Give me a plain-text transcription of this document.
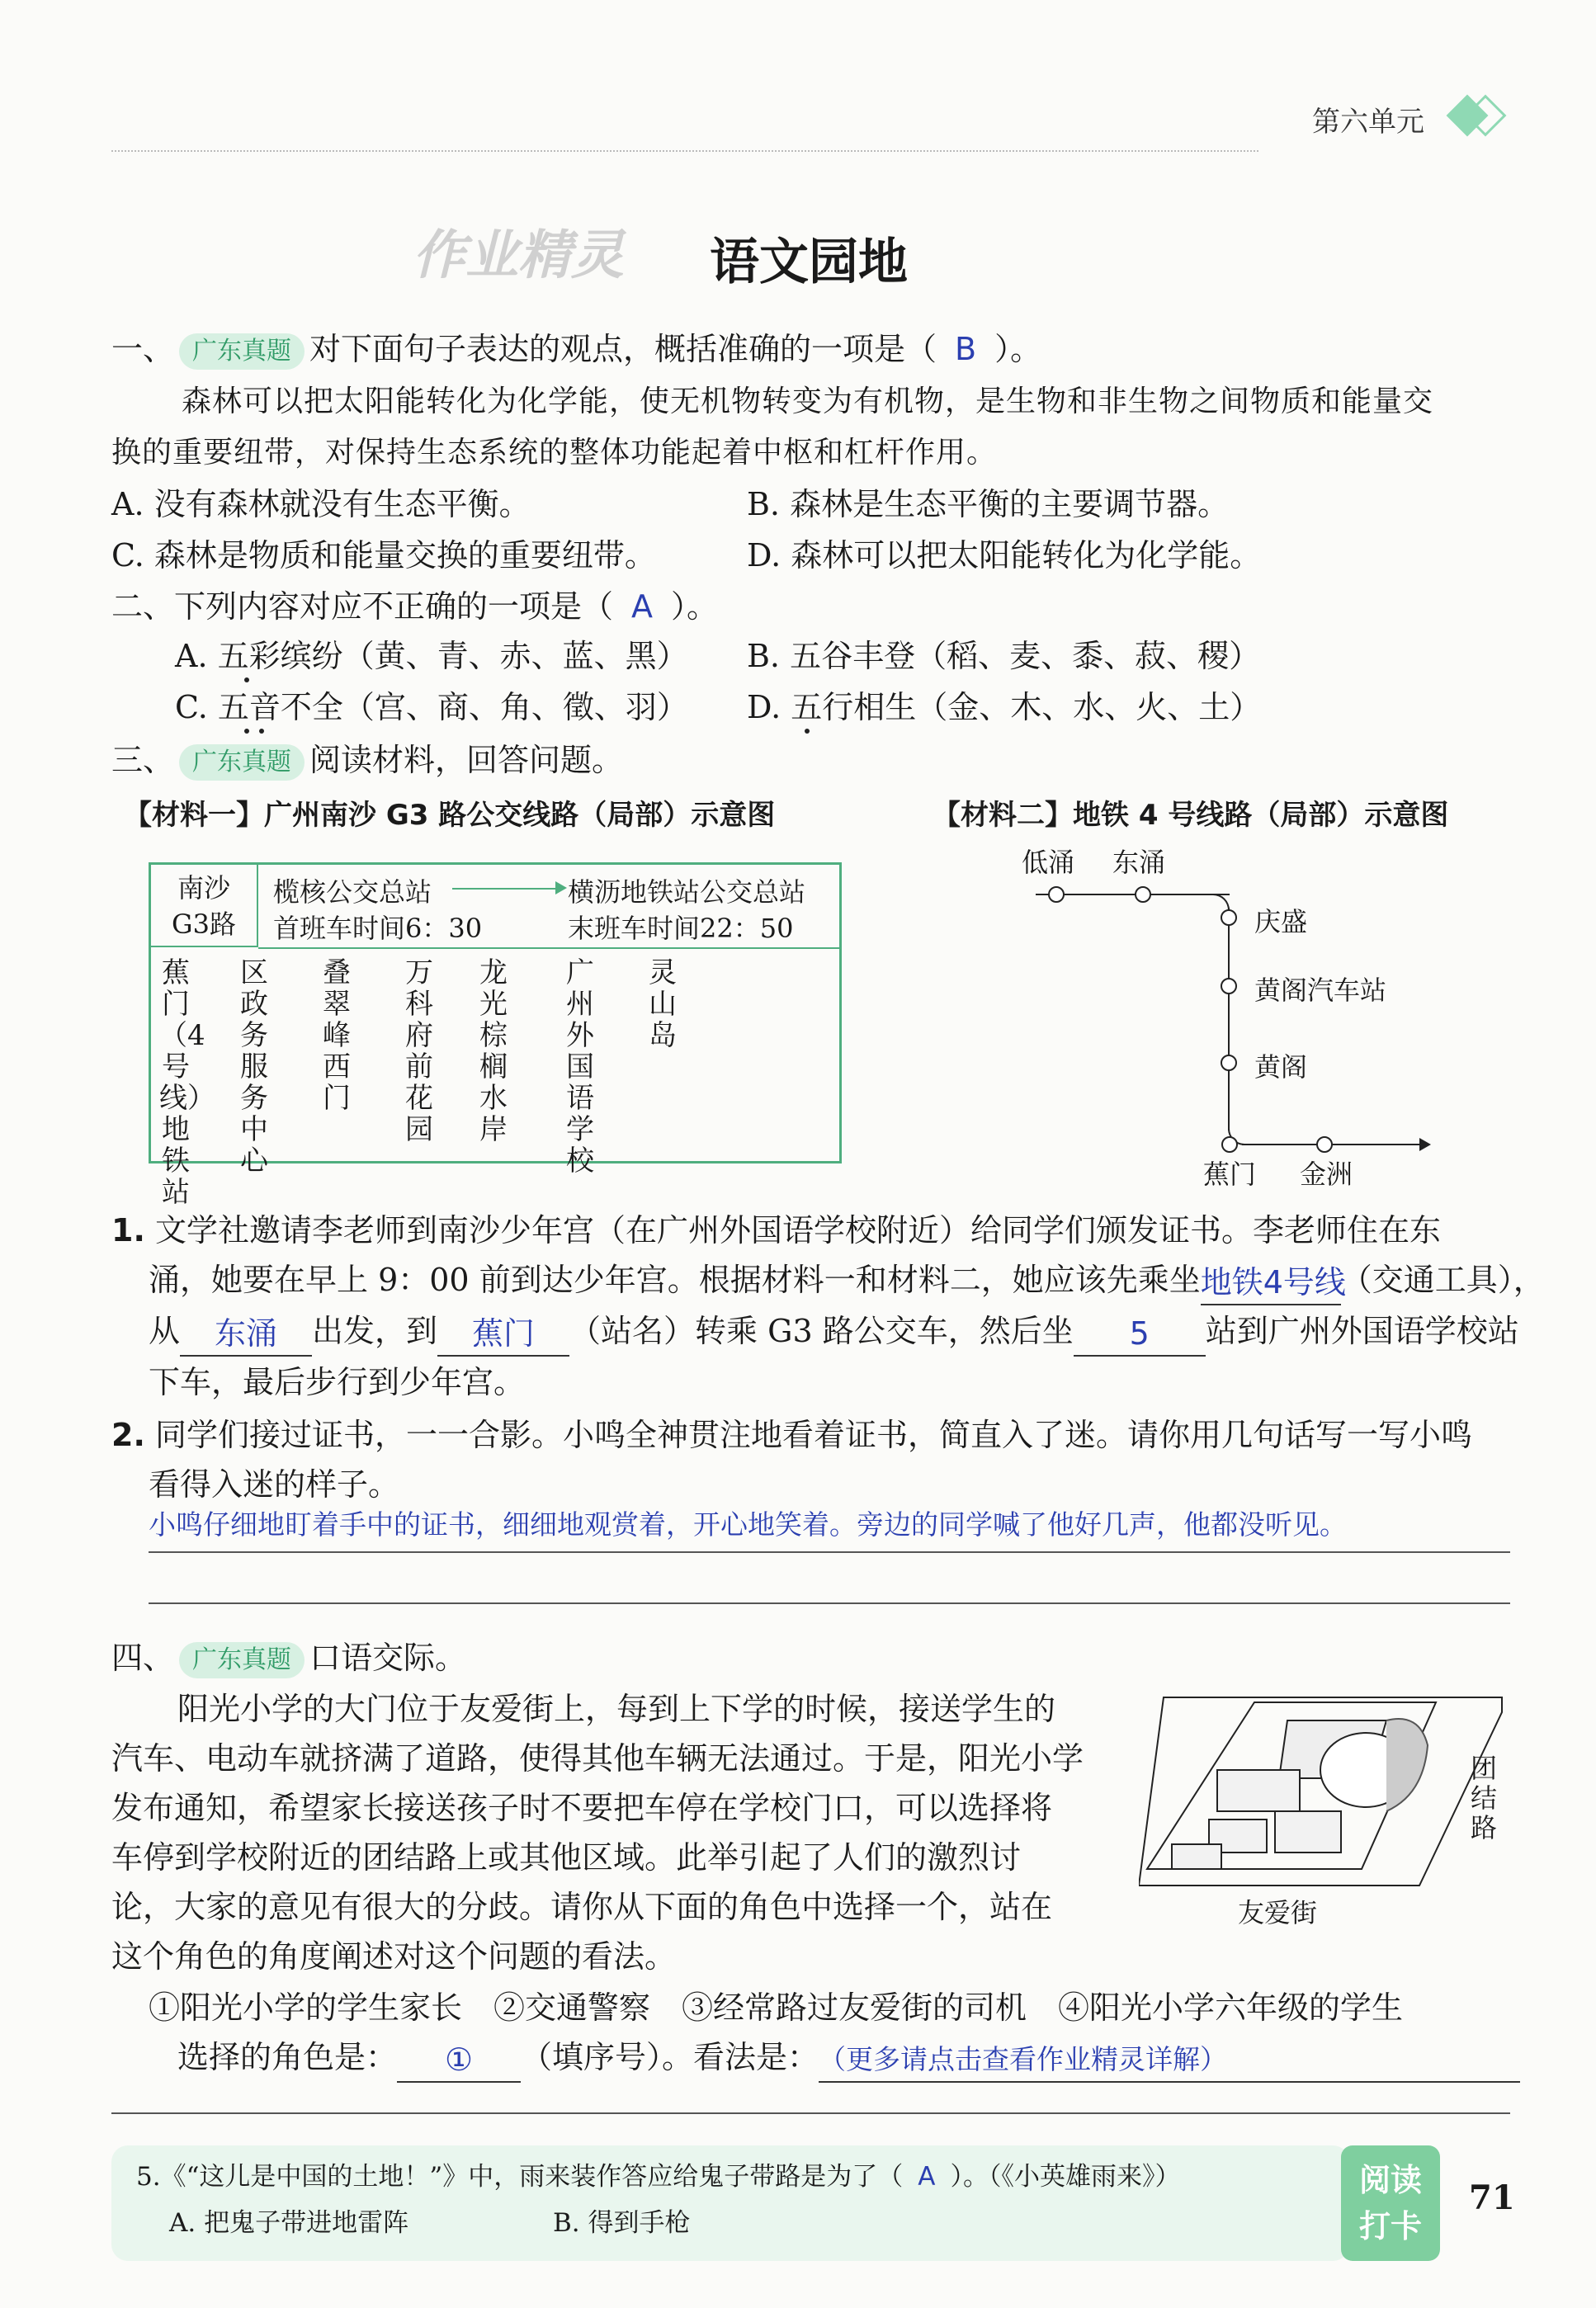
第六单元
作业精灵 语文园地
一、 广东真题 对下面句子表达的观点，概括准确的一项是（ B ）。
森林可以把太阳能转化为化学能，使无机物转变为有机物，是生物和非生物之间物质和能量交
换的重要纽带，对保持生态系统的整体功能起着中枢和杠杆作用。
A. 没有森林就没有生态平衡。	B. 森林是生态平衡的主要调节器。
C. 森林是物质和能量交换的重要纽带。	D. 森林可以把太阳能转化为化学能。
二、下列内容对应不正确的一项是（ A ）。
A. 五彩缤纷（黄、青、赤、蓝、黑） B. 五谷丰登（稻、麦、黍、菽、稷）
C. 五音不全（宫、商、角、徵、羽） D. 五行相生（金、木、水、火、土）
三、 广东真题 阅读材料，回答问题。
【材料一】广州南沙 G3 路公交线路（局部）示意图	【材料二】地铁 4 号线路（局部）示意图
南沙
G3路
榄核公交总站
首班车时间6：30
横沥地铁站公交总站
末班车时间22：50
蕉门（4号线）地铁站
区政务服务中心
叠翠峰西门
万科府前花园
龙光棕榈水岸
广州外国语学校
灵山岛
低涌 东涌
庆盛
黄阁汽车站
黄阁
蕉门 金洲
1. 文学社邀请李老师到南沙少年宫（在广州外国语学校附近）给同学们颁发证书。李老师住在东
涌，她要在早上 9：00 前到达少年宫。根据材料一和材料二，她应该先乘坐地铁4号线（交通工具），
从 东涌 出发，到 蕉门 （站名）转乘 G3 路公交车，然后坐 5 站到广州外国语学校站
下车，最后步行到少年宫。
2. 同学们接过证书，一一合影。小鸣全神贯注地看着证书，简直入了迷。请你用几句话写一写小鸣
看得入迷的样子。
小鸣仔细地盯着手中的证书，细细地观赏着，开心地笑着。旁边的同学喊了他好几声，他都没听见。
四、 广东真题 口语交际。
阳光小学的大门位于友爱街上，每到上下学的时候，接送学生的
汽车、电动车就挤满了道路，使得其他车辆无法通过。于是，阳光小学
发布通知，希望家长接送孩子时不要把车停在学校门口，可以选择将
车停到学校附近的团结路上或其他区域。此举引起了人们的激烈讨
论，大家的意见有很大的分歧。请你从下面的角色中选择一个，站在
这个角色的角度阐述对这个问题的看法。
团结路
友爱街
①阳光小学的学生家长　②交通警察　③经常路过友爱街的司机　④阳光小学六年级的学生
选择的角色是： ① （填序号）。看法是：（更多请点击查看作业精灵详解）
5.《“这儿是中国的土地！”》中，雨来装作答应给鬼子带路是为了（ A ）。（《小英雄雨来》）
A. 把鬼子带进地雷阵	B. 得到手枪
阅读
打卡
71
